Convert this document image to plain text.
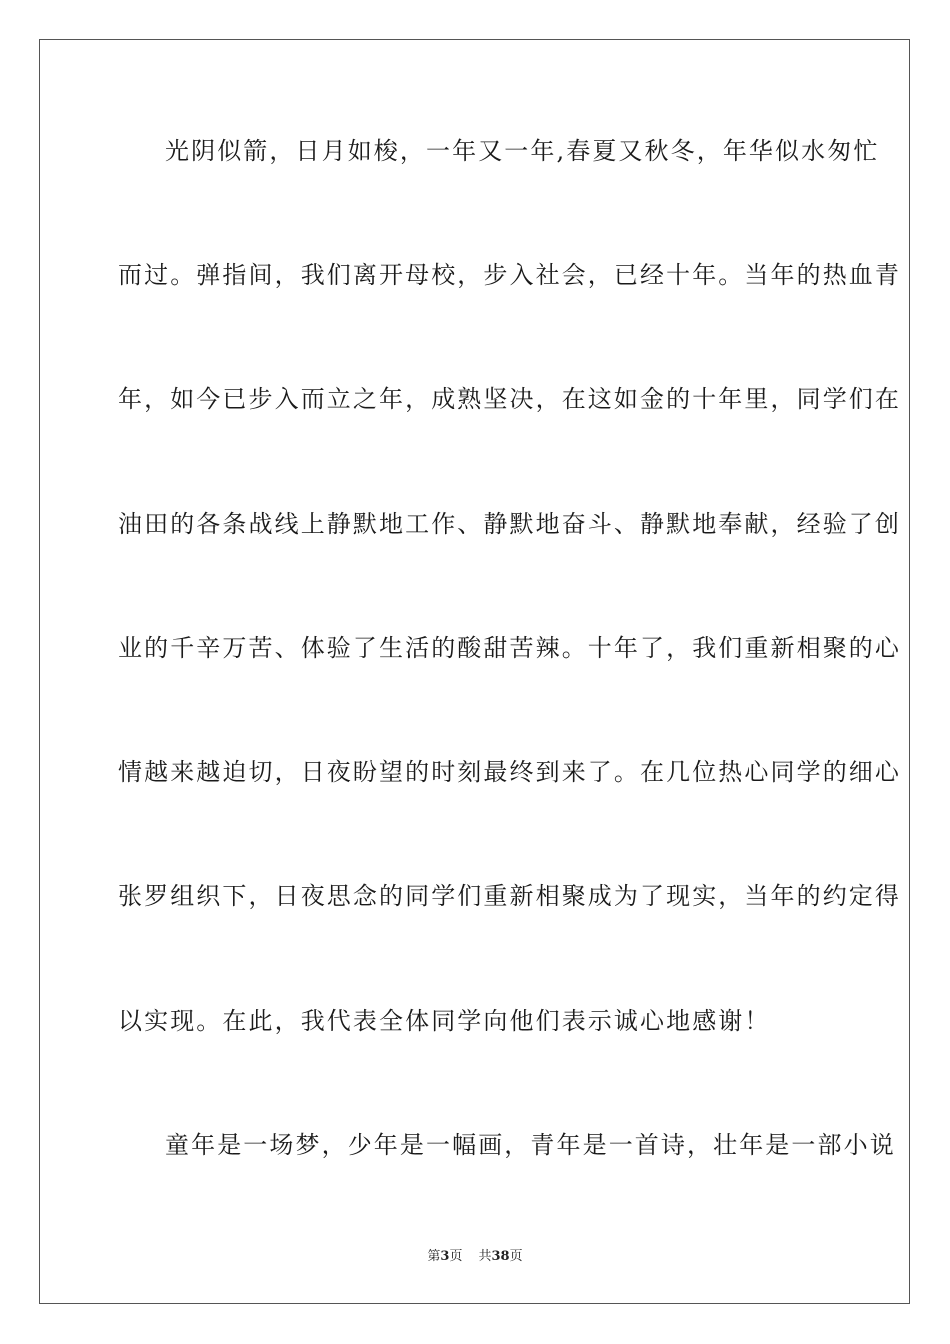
光阴似箭，日月如梭，一年又一年,春夏又秋冬，年华似水匆忙
而过。弹指间，我们离开母校，步入社会，已经十年。当年的热血青
年，如今已步入而立之年，成熟坚决，在这如金的十年里，同学们在
油田的各条战线上静默地工作、静默地奋斗、静默地奉献，经验了创
业的千辛万苦、体验了生活的酸甜苦辣。十年了，我们重新相聚的心
情越来越迫切，日夜盼望的时刻最终到来了。在几位热心同学的细心
张罗组织下，日夜思念的同学们重新相聚成为了现实，当年的约定得
以实现。在此，我代表全体同学向他们表示诚心地感谢！
童年是一场梦，少年是一幅画，青年是一首诗，壮年是一部小说
第3页 共38页
